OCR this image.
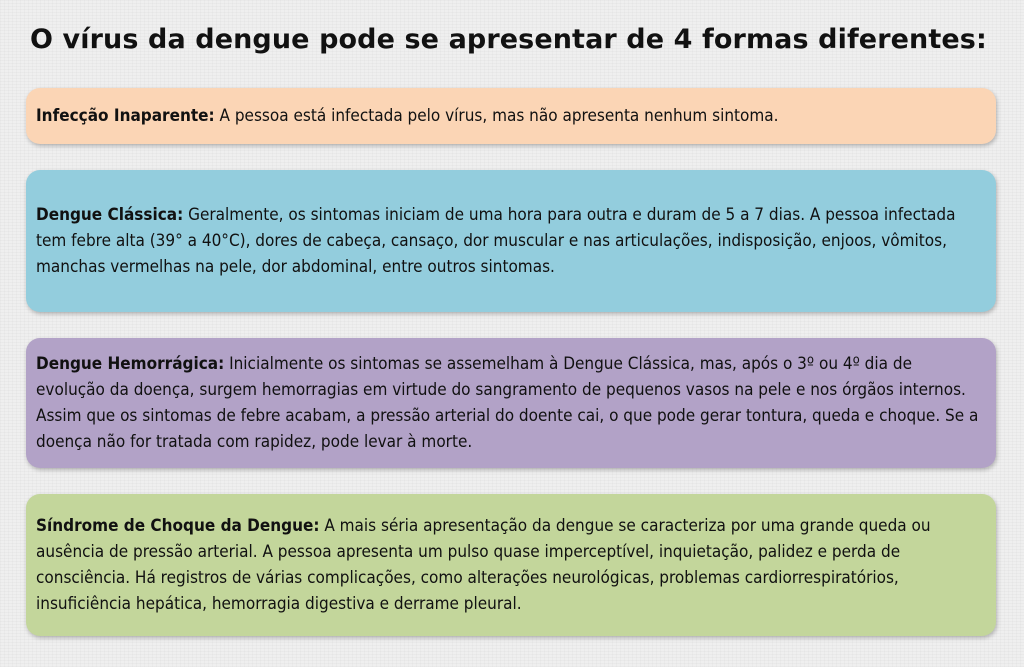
O vírus da dengue pode se apresentar de 4 formas diferentes:

Infecção Inaparente: A pessoa está infectada pelo vírus, mas não apresenta nenhum sintoma.

Dengue Clássica: Geralmente, os sintomas iniciam de uma hora para outra e duram de 5 a 7 dias. A pessoa infectada tem febre alta (39° a 40°C), dores de cabeça, cansaço, dor muscular e nas articulações, indisposição, enjoos, vômitos, manchas vermelhas na pele, dor abdominal, entre outros sintomas.

Dengue Hemorrágica: Inicialmente os sintomas se assemelham à Dengue Clássica, mas, após o 3º ou 4º dia de evolução da doença, surgem hemorragias em virtude do sangramento de pequenos vasos na pele e nos órgãos internos. Assim que os sintomas de febre acabam, a pressão arterial do doente cai, o que pode gerar tontura, queda e choque. Se a doença não for tratada com rapidez, pode levar à morte.

Síndrome de Choque da Dengue: A mais séria apresentação da dengue se caracteriza por uma grande queda ou ausência de pressão arterial. A pessoa apresenta um pulso quase imperceptível, inquietação, palidez e perda de consciência. Há registros de várias complicações, como alterações neurológicas, problemas cardiorrespiratórios, insuficiência hepática, hemorragia digestiva e derrame pleural.
